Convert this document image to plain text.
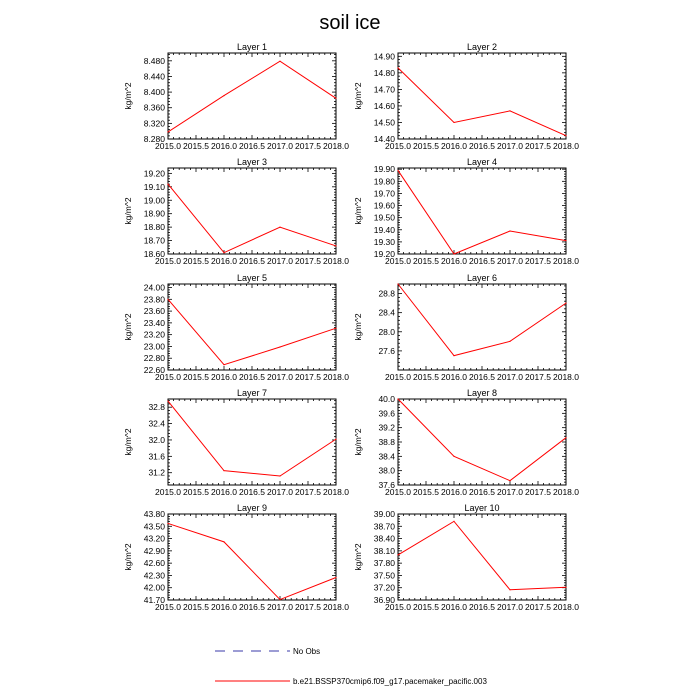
soil ice
Layer 1
2015.0 2015.5 2016.0 2016.5 2017.0 2017.5 2018.0
8.280
8.320
8.360
8.400
8.440
8.480
kg/m^2
Layer 2
2015.0 2015.5 2016.0 2016.5 2017.0 2017.5 2018.0
14.40
14.50
14.60
14.70
14.80
14.90
kg/m^2
Layer 3
2015.0 2015.5 2016.0 2016.5 2017.0 2017.5 2018.0
18.60
18.70
18.80
18.90
19.00
19.10
19.20
kg/m^2
Layer 4
2015.0 2015.5 2016.0 2016.5 2017.0 2017.5 2018.0
19.20
19.30
19.40
19.50
19.60
19.70
19.80
19.90
kg/m^2
Layer 5
2015.0 2015.5 2016.0 2016.5 2017.0 2017.5 2018.0
22.60
22.80
23.00
23.20
23.40
23.60
23.80
24.00
kg/m^2
Layer 6
2015.0 2015.5 2016.0 2016.5 2017.0 2017.5 2018.0
27.6
28.0
28.4
28.8
kg/m^2
Layer 7
2015.0 2015.5 2016.0 2016.5 2017.0 2017.5 2018.0
31.2
31.6
32.0
32.4
32.8
kg/m^2
Layer 8
2015.0 2015.5 2016.0 2016.5 2017.0 2017.5 2018.0
37.6
38.0
38.4
38.8
39.2
39.6
40.0
kg/m^2
Layer 9
2015.0 2015.5 2016.0 2016.5 2017.0 2017.5 2018.0
41.70
42.00
42.30
42.60
42.90
43.20
43.50
43.80
kg/m^2
Layer 10
2015.0 2015.5 2016.0 2016.5 2017.0 2017.5 2018.0
36.90
37.20
37.50
37.80
38.10
38.40
38.70
39.00
kg/m^2
No Obs
b.e21.BSSP370cmip6.f09_g17.pacemaker_pacific.003
